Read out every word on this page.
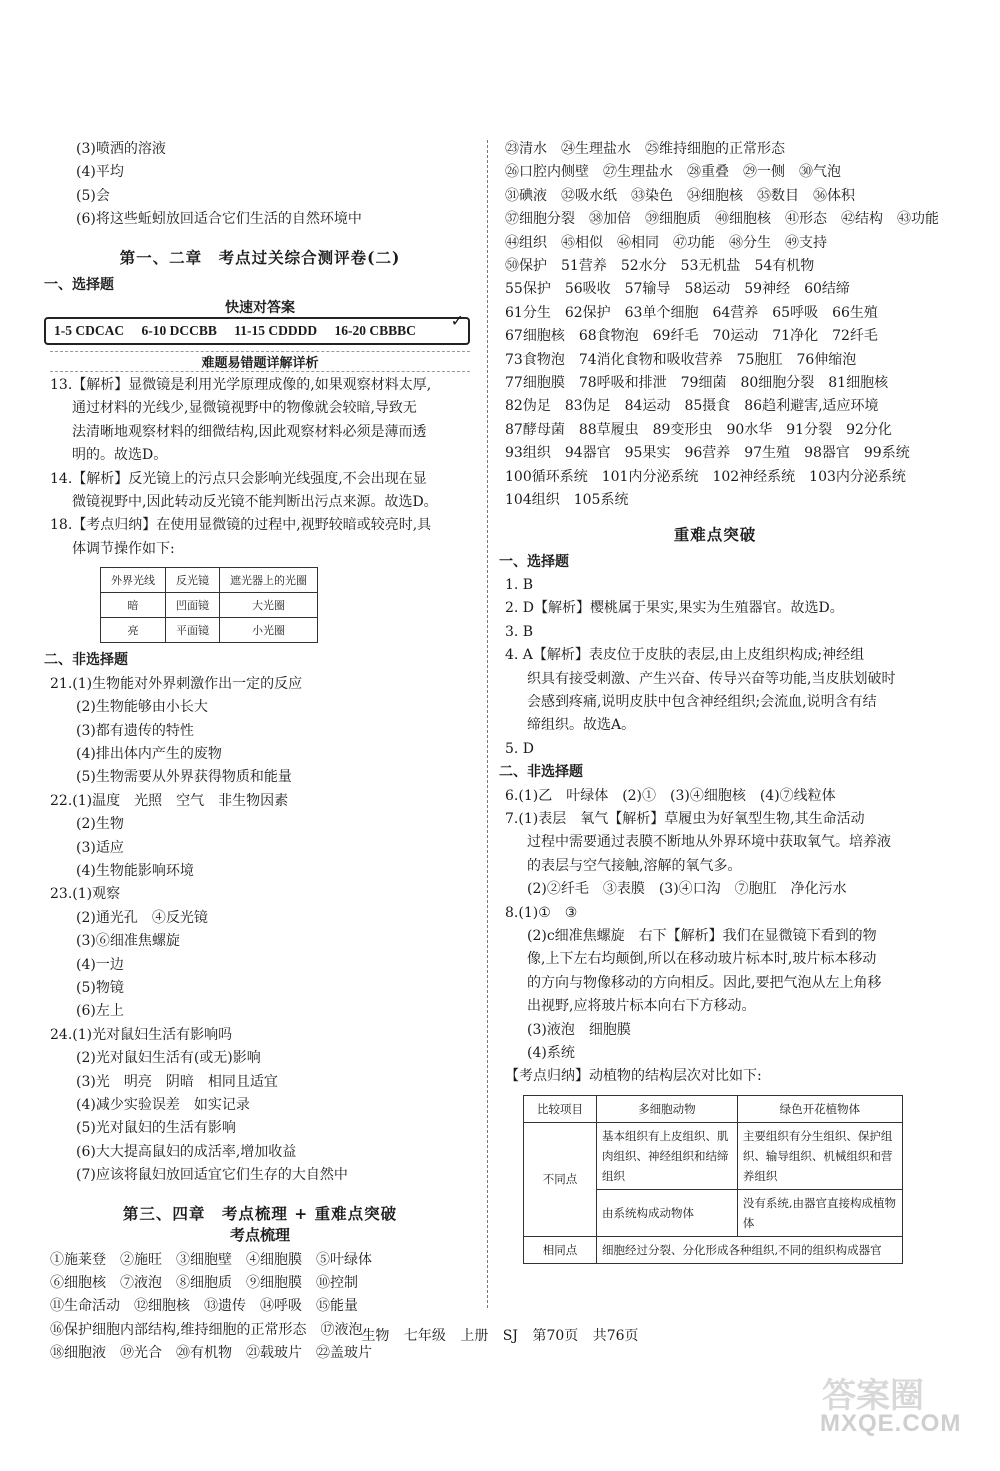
(3)喷洒的溶液
(4)平均
(5)会
(6)将这些蚯蚓放回适合它们生活的自然环境中
第一、二章　考点过关综合测评卷(二)
一、选择题
快速对答案
1-5 CDCAC 6-10 DCCBB 11-15 CDDDD 16-20 CBBBC
✓
难题易错题详解详析
13.【解析】显微镜是利用光学原理成像的,如果观察材料太厚,
通过材料的光线少,显微镜视野中的物像就会较暗,导致无
法清晰地观察材料的细微结构,因此观察材料必须是薄而透
明的。故选D。
14.【解析】反光镜上的污点只会影响光线强度,不会出现在显
微镜视野中,因此转动反光镜不能判断出污点来源。故选D。
18.【考点归纳】在使用显微镜的过程中,视野较暗或较亮时,具
体调节操作如下:
外界光线	反光镜	遮光器上的光圈
暗	凹面镜	大光圈
亮	平面镜	小光圈
二、非选择题
21.(1)生物能对外界刺激作出一定的反应
(2)生物能够由小长大
(3)都有遗传的特性
(4)排出体内产生的废物
(5)生物需要从外界获得物质和能量
22.(1)温度　光照　空气　非生物因素
(2)生物
(3)适应
(4)生物能影响环境
23.(1)观察
(2)通光孔　④反光镜
(3)⑥细准焦螺旋
(4)一边
(5)物镜
(6)左上
24.(1)光对鼠妇生活有影响吗
(2)光对鼠妇生活有(或无)影响
(3)光　明亮　阴暗　相同且适宜
(4)减少实验误差　如实记录
(5)光对鼠妇的生活有影响
(6)大大提高鼠妇的成活率,增加收益
(7)应该将鼠妇放回适宜它们生存的大自然中
第三、四章　考点梳理 + 重难点突破
考点梳理
①施莱登　②施旺　③细胞壁　④细胞膜　⑤叶绿体
⑥细胞核　⑦液泡　⑧细胞质　⑨细胞膜　⑩控制
⑪生命活动　⑫细胞核　⑬遗传　⑭呼吸　⑮能量
⑯保护细胞内部结构,维持细胞的正常形态　⑰液泡
⑱细胞液　⑲光合　⑳有机物　㉑载玻片　㉒盖玻片
㉓清水　㉔生理盐水　㉕维持细胞的正常形态
㉖口腔内侧壁　㉗生理盐水　㉘重叠　㉙一侧　㉚气泡
㉛碘液　㉜吸水纸　㉝染色　㉞细胞核　㉟数目　㊱体积
㊲细胞分裂　㊳加倍　㊴细胞质　㊵细胞核　㊶形态　㊷结构　㊸功能
㊹组织　㊺相似　㊻相同　㊼功能　㊽分生　㊾支持
㊿保护　51营养　52水分　53无机盐　54有机物
55保护　56吸收　57输导　58运动　59神经　60结缔
61分生　62保护　63单个细胞　64营养　65呼吸　66生殖
67细胞核　68食物泡　69纤毛　70运动　71净化　72纤毛
73食物泡　74消化食物和吸收营养　75胞肛　76伸缩泡
77细胞膜　78呼吸和排泄　79细菌　80细胞分裂　81细胞核
82伪足　83伪足　84运动　85摄食　86趋利避害,适应环境
87酵母菌　88草履虫　89变形虫　90水华　91分裂　92分化
93组织　94器官　95果实　96营养　97生殖　98器官　99系统
100循环系统　101内分泌系统　102神经系统　103内分泌系统
104组织　105系统
重难点突破
一、选择题
1. B
2. D【解析】樱桃属于果实,果实为生殖器官。故选D。
3. B
4. A【解析】表皮位于皮肤的表层,由上皮组织构成;神经组
织具有接受刺激、产生兴奋、传导兴奋等功能,当皮肤划破时
会感到疼痛,说明皮肤中包含神经组织;会流血,说明含有结
缔组织。故选A。
5. D
二、非选择题
6.(1)乙　叶绿体　(2)①　(3)④细胞核　(4)⑦线粒体
7.(1)表层　氧气【解析】草履虫为好氧型生物,其生命活动
过程中需要通过表膜不断地从外界环境中获取氧气。培养液
的表层与空气接触,溶解的氧气多。
(2)②纤毛　③表膜　(3)④口沟　⑦胞肛　净化污水
8.(1)①　③
(2)c细准焦螺旋　右下【解析】我们在显微镜下看到的物
像,上下左右均颠倒,所以在移动玻片标本时,玻片标本移动
的方向与物像移动的方向相反。因此,要把气泡从左上角移
出视野,应将玻片标本向右下方移动。
(3)液泡　细胞膜
(4)系统
【考点归纳】动植物的结构层次对比如下:
比较项目	多细胞动物	绿色开花植物体
不同点	基本组织有上皮组织、肌肉组织、神经组织和结缔组织	主要组织有分生组织、保护组织、输导组织、机械组织和营养组织
	由系统构成动物体	没有系统,由器官直接构成植物体
相同点	细胞经过分裂、分化形成各种组织,不同的组织构成器官	
生物 七年级 上册 SJ 第70页 共76页
答案圈
MXQE.COM
